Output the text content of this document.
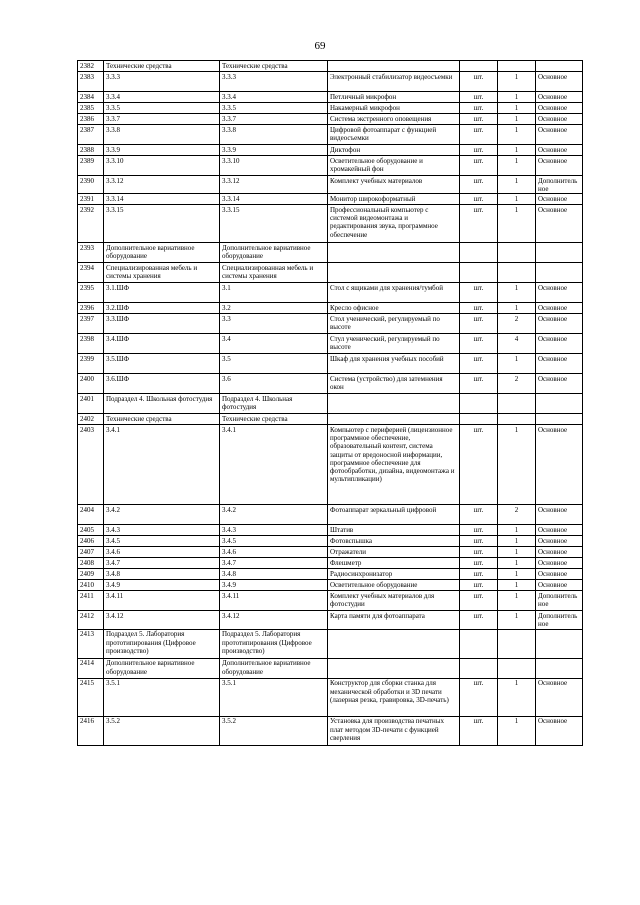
69
2382	Технические средства	Технические средства				
2383	3.3.3	3.3.3	Электронный стабилизатор видеосъемки	шт.	1	Основное
2384	3.3.4	3.3.4	Петличный микрофон	шт.	1	Основное
2385	3.3.5	3.3.5	Накамерный микрофон	шт.	1	Основное
2386	3.3.7	3.3.7	Система экстренного оповещения	шт.	1	Основное
2387	3.3.8	3.3.8	Цифровой фотоаппарат с функцией видеосъемки	шт.	1	Основное
2388	3.3.9	3.3.9	Диктофон	шт.	1	Основное
2389	3.3.10	3.3.10	Осветительное оборудование и хромакейный фон	шт.	1	Основное
2390	3.3.12	3.3.12	Комплект учебных материалов	шт.	1	Дополнительное
2391	3.3.14	3.3.14	Монитор широкоформатный	шт.	1	Основное
2392	3.3.15	3.3.15	Профессиональный компьютер с системой видеомонтажа и редактирования звука, программное обеспечение	шт.	1	Основное
2393	Дополнительное вариативное оборудование	Дополнительное вариативное оборудование				
2394	Специализированная мебель и системы хранения	Специализированная мебель и системы хранения				
2395	3.1.ШФ	3.1	Стол с ящиками для хранения/тумбой	шт.	1	Основное
2396	3.2.ШФ	3.2	Кресло офисное	шт.	1	Основное
2397	3.3.ШФ	3.3	Стол ученический, регулируемый по высоте	шт.	2	Основное
2398	3.4.ШФ	3.4	Стул ученический, регулируемый по высоте	шт.	4	Основное
2399	3.5.ШФ	3.5	Шкаф для хранения учебных пособий	шт.	1	Основное
2400	3.6.ШФ	3.6	Система (устройство) для затемнения окон	шт.	2	Основное
2401	Подраздел 4. Школьная фотостудия	Подраздел 4. Школьная фотостудия				
2402	Технические средства	Технические средства				
2403	3.4.1	3.4.1	Компьютер с периферией (лицензионное программное обеспечение, образовательный контент, система защиты от вредоносной информации, программное обеспечение для фотообработки, дизайна, видеомонтажа и мультипликации)	шт.	1	Основное
2404	3.4.2	3.4.2	Фотоаппарат зеркальный цифровой	шт.	2	Основное
2405	3.4.3	3.4.3	Штатив	шт.	1	Основное
2406	3.4.5	3.4.5	Фотовспышка	шт.	1	Основное
2407	3.4.6	3.4.6	Отражатели	шт.	1	Основное
2408	3.4.7	3.4.7	Флешметр	шт.	1	Основное
2409	3.4.8	3.4.8	Радиосинхронизатор	шт.	1	Основное
2410	3.4.9	3.4.9	Осветительное оборудование	шт.	1	Основное
2411	3.4.11	3.4.11	Комплект учебных материалов для фотостудии	шт.	1	Дополнительное
2412	3.4.12	3.4.12	Карта памяти для фотоаппарата	шт.	1	Дополнительное
2413	Подраздел 5. Лаборатория прототипирования (Цифровое производство)	Подраздел 5. Лаборатория прототипирования (Цифровое производство)				
2414	Дополнительное вариативное оборудование	Дополнительное вариативное оборудование				
2415	3.5.1	3.5.1	Конструктор для сборки станка для механической обработки и 3D печати (лазерная резка, гравировка, 3D-печать)	шт.	1	Основное
2416	3.5.2	3.5.2	Установка для производства печатных плат методом 3D-печати с функцией сверления	шт.	1	Основное
